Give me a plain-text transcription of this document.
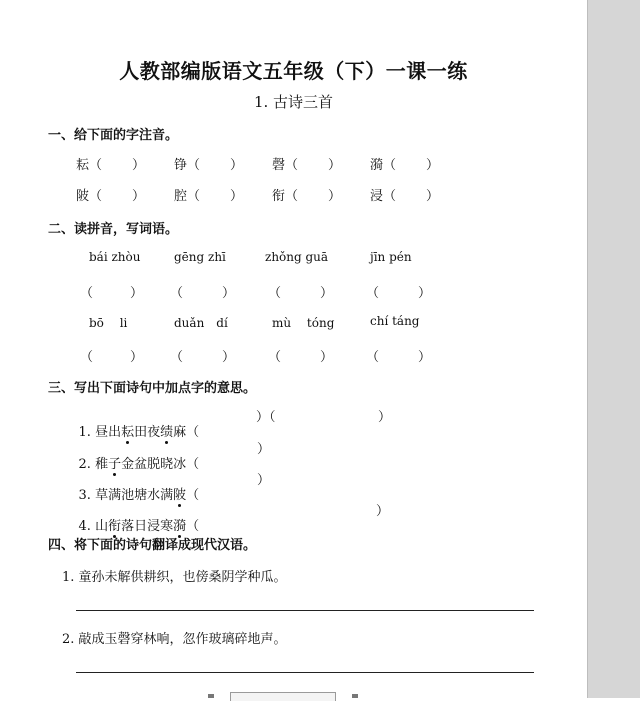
人教部编版语文五年级（下）一课一练
1. 古诗三首
一、给下面的字注音。
耘（ ） 铮（ ） 磬（ ） 漪（ ）
陂（ ） 腔（ ） 衔（ ） 浸（ ）
二、读拼音，写词语。
bái zhòu	gēng zhī	zhǒng guā	jīn pén
（	） （	）	（	）	（	）
bō　 li	duǎn　dí	mù　 tóng	chí táng
（	） （	）	（	）	（	）
三、写出下面诗句中加点字的意思。

1. 昼出耘田夜绩麻（

）（	）

2. 稚子金盆脱晓冰（

）

3. 草满池塘水满陂（

）

4. 山衔落日浸寒漪（

）
四、将下面的诗句翻译成现代汉语。
1. 童孙未解供耕织，也傍桑阴学种瓜。
2. 敲成玉磬穿林响，忽作玻璃碎地声。
